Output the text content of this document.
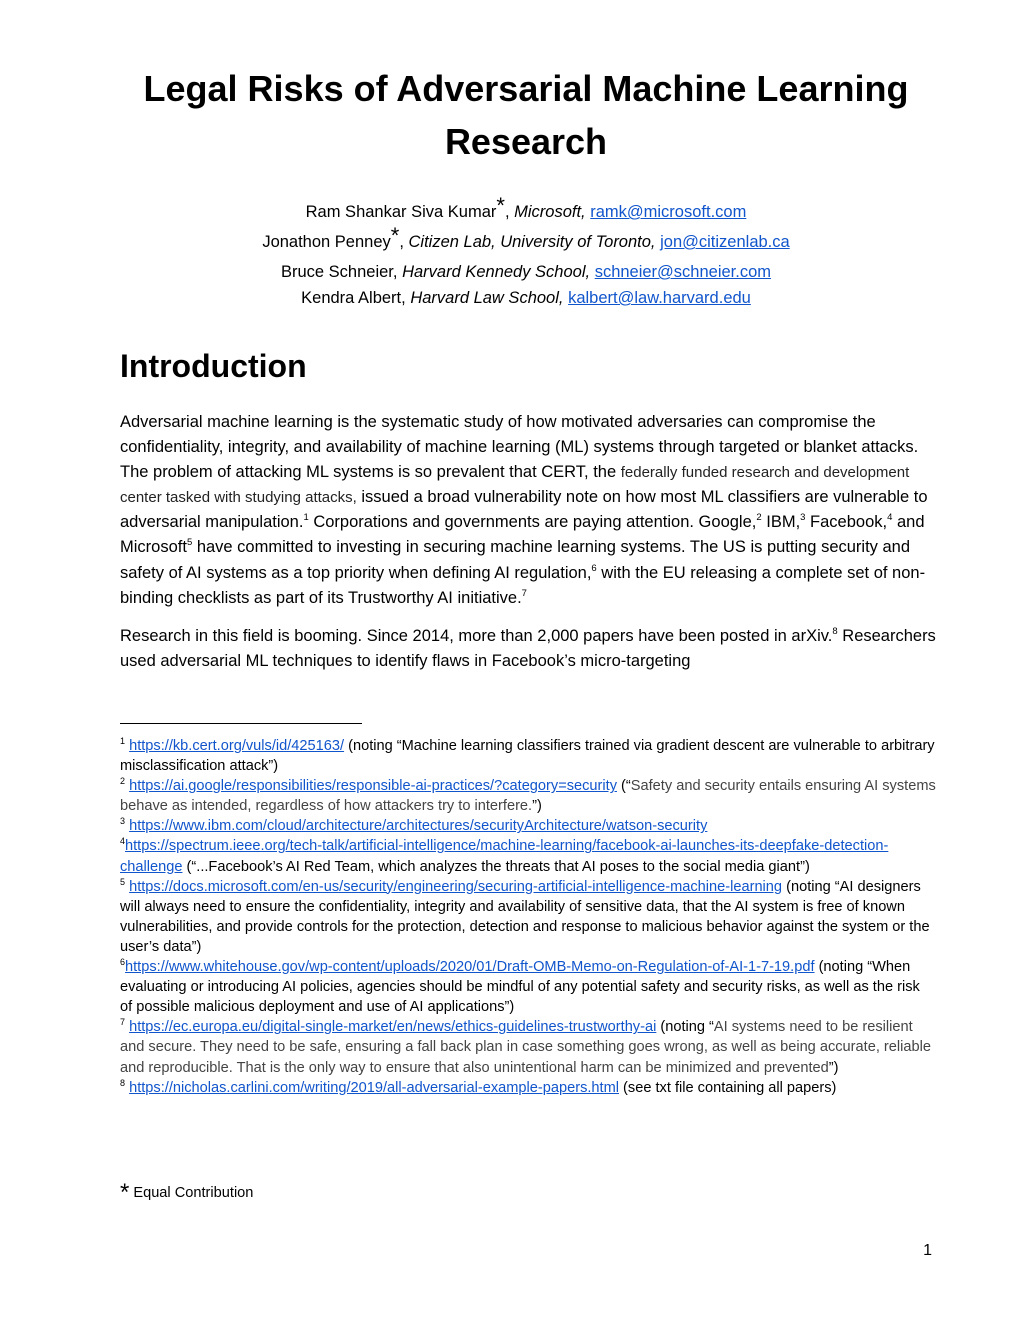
Legal Risks of Adversarial Machine Learning Research
Ram Shankar Siva Kumar*, Microsoft, ramk@microsoft.com
Jonathon Penney*, Citizen Lab, University of Toronto, jon@citizenlab.ca
Bruce Schneier, Harvard Kennedy School, schneier@schneier.com
Kendra Albert, Harvard Law School, kalbert@law.harvard.edu
Introduction

Adversarial machine learning is the systematic study of how motivated adversaries can compromise the confidentiality, integrity, and availability of machine learning (ML) systems through targeted or blanket attacks. The problem of attacking ML systems is so prevalent that CERT, the federally funded research and development center tasked with studying attacks, issued a broad vulnerability note on how most ML classifiers are vulnerable to adversarial manipulation.$^1$ Corporations and governments are paying attention. Google,$^2$ IBM,$^3$ Facebook,$^4$ and Microsoft$^5$ have committed to investing in securing machine learning systems. The US is putting security and safety of AI systems as a top priority when defining AI regulation,$^6$ with the EU releasing a complete set of non-binding checklists as part of its Trustworthy AI initiative.$^7$

Research in this field is booming. Since 2014, more than 2,000 papers have been posted in arXiv.$^8$ Researchers used adversarial ML techniques to identify flaws in Facebook’s micro-targeting

$^1$ https://kb.cert.org/vuls/id/425163/ (noting “Machine learning classifiers trained via gradient descent are vulnerable to arbitrary misclassification attack”)

$^2$ https://ai.google/responsibilities/responsible-ai-practices/?category=security (“Safety and security entails ensuring AI systems behave as intended, regardless of how attackers try to interfere.”)

$^3$ https://www.ibm.com/cloud/architecture/architectures/securityArchitecture/watson-security

$^4$https://spectrum.ieee.org/tech-talk/artificial-intelligence/machine-learning/facebook-ai-launches-its-deepfake-detection-challenge (“...Facebook’s AI Red Team, which analyzes the threats that AI poses to the social media giant”)

$^5$ https://docs.microsoft.com/en-us/security/engineering/securing-artificial-intelligence-machine-learning (noting “AI designers will always need to ensure the confidentiality, integrity and availability of sensitive data, that the AI system is free of known vulnerabilities, and provide controls for the protection, detection and response to malicious behavior against the system or the user’s data”)

$^6$https://www.whitehouse.gov/wp-content/uploads/2020/01/Draft-OMB-Memo-on-Regulation-of-AI-1-7-19.pdf (noting “When evaluating or introducing AI policies, agencies should be mindful of any potential safety and security risks, as well as the risk of possible malicious deployment and use of AI applications”)

$^7$ https://ec.europa.eu/digital-single-market/en/news/ethics-guidelines-trustworthy-ai (noting “AI systems need to be resilient and secure. They need to be safe, ensuring a fall back plan in case something goes wrong, as well as being accurate, reliable and reproducible. That is the only way to ensure that also unintentional harm can be minimized and prevented”)

$^8$ https://nicholas.carlini.com/writing/2019/all-adversarial-example-papers.html (see txt file containing all papers)

* Equal Contribution
1
